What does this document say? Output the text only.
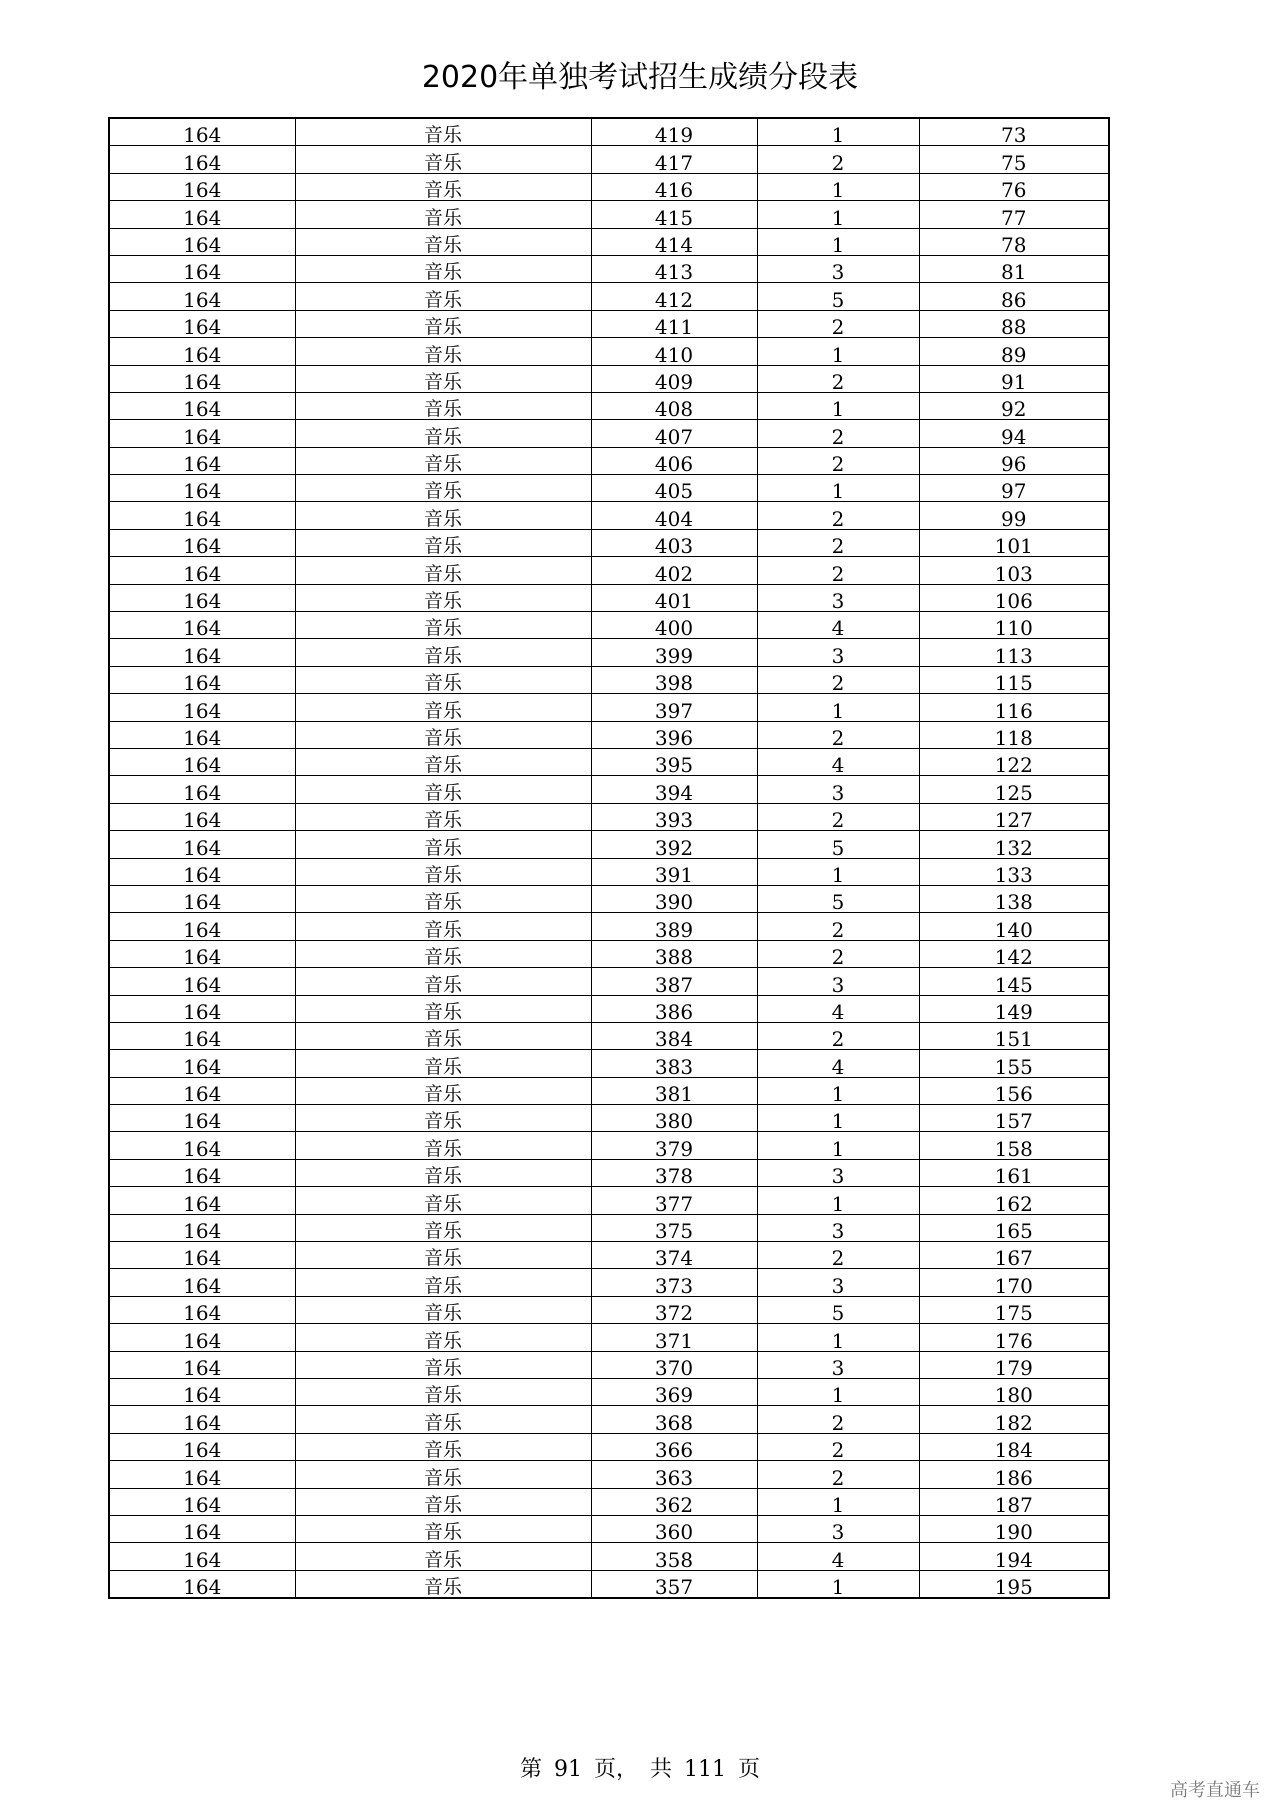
2020年单独考试招生成绩分段表
164	音乐	419	1	73
164	音乐	417	2	75
164	音乐	416	1	76
164	音乐	415	1	77
164	音乐	414	1	78
164	音乐	413	3	81
164	音乐	412	5	86
164	音乐	411	2	88
164	音乐	410	1	89
164	音乐	409	2	91
164	音乐	408	1	92
164	音乐	407	2	94
164	音乐	406	2	96
164	音乐	405	1	97
164	音乐	404	2	99
164	音乐	403	2	101
164	音乐	402	2	103
164	音乐	401	3	106
164	音乐	400	4	110
164	音乐	399	3	113
164	音乐	398	2	115
164	音乐	397	1	116
164	音乐	396	2	118
164	音乐	395	4	122
164	音乐	394	3	125
164	音乐	393	2	127
164	音乐	392	5	132
164	音乐	391	1	133
164	音乐	390	5	138
164	音乐	389	2	140
164	音乐	388	2	142
164	音乐	387	3	145
164	音乐	386	4	149
164	音乐	384	2	151
164	音乐	383	4	155
164	音乐	381	1	156
164	音乐	380	1	157
164	音乐	379	1	158
164	音乐	378	3	161
164	音乐	377	1	162
164	音乐	375	3	165
164	音乐	374	2	167
164	音乐	373	3	170
164	音乐	372	5	175
164	音乐	371	1	176
164	音乐	370	3	179
164	音乐	369	1	180
164	音乐	368	2	182
164	音乐	366	2	184
164	音乐	363	2	186
164	音乐	362	1	187
164	音乐	360	3	190
164	音乐	358	4	194
164	音乐	357	1	195
第 91 页， 共 111 页
高考直通车
